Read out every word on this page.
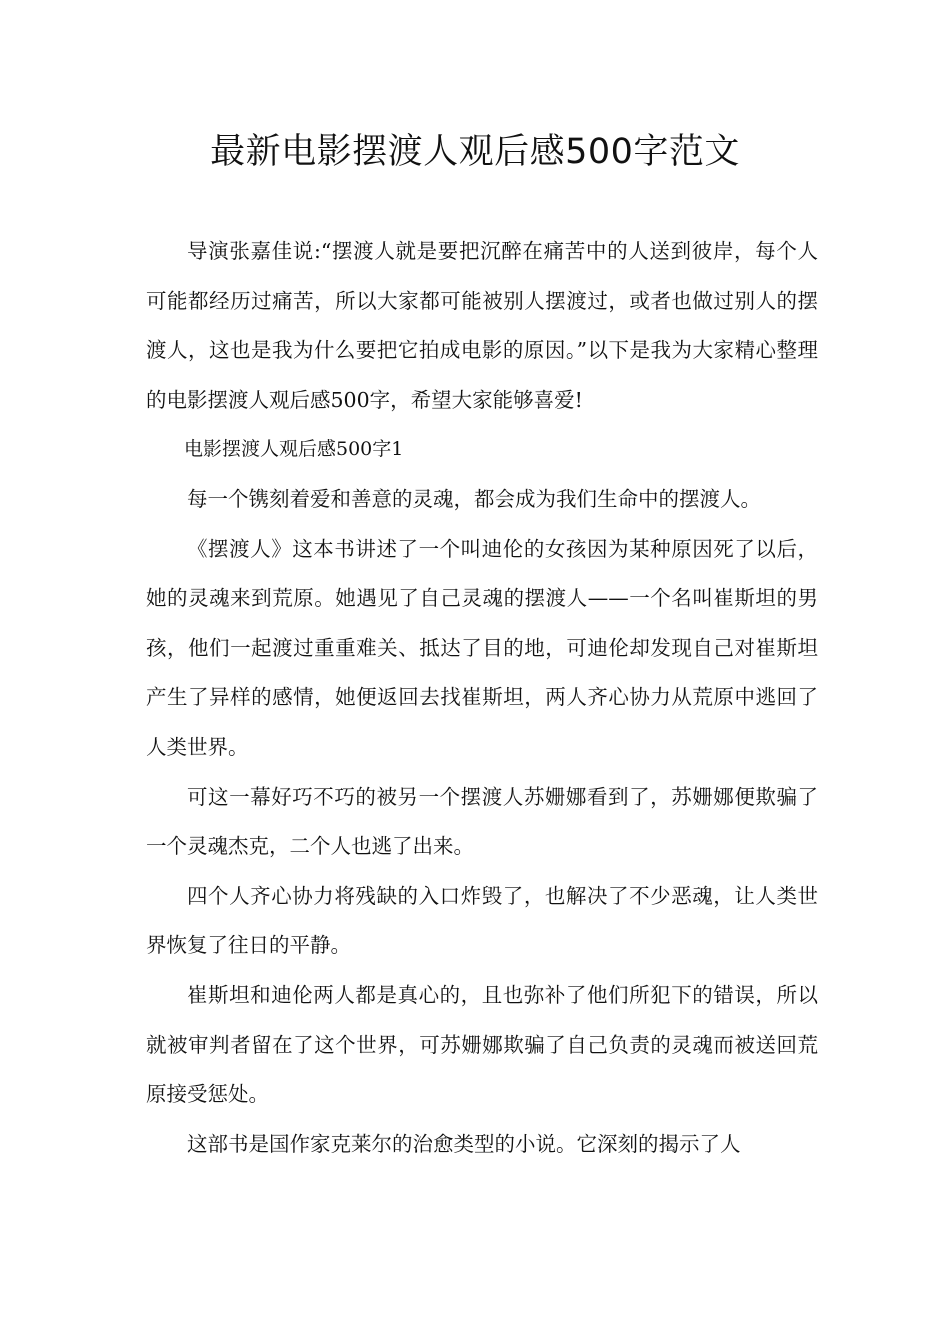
最新电影摆渡人观后感500字范文

导演张嘉佳说:“摆渡人就是要把沉醉在痛苦中的人送到彼岸，每个人可能都经历过痛苦，所以大家都可能被别人摆渡过，或者也做过别人的摆渡人，这也是我为什么要把它拍成电影的原因。”以下是我为大家精心整理的电影摆渡人观后感500字，希望大家能够喜爱!

电影摆渡人观后感500字1

每一个镌刻着爱和善意的灵魂，都会成为我们生命中的摆渡人。

《摆渡人》这本书讲述了一个叫迪伦的女孩因为某种原因死了以后，她的灵魂来到荒原。她遇见了自己灵魂的摆渡人——一个名叫崔斯坦的男孩，他们一起渡过重重难关、抵达了目的地，可迪伦却发现自己对崔斯坦产生了异样的感情，她便返回去找崔斯坦，两人齐心协力从荒原中逃回了人类世界。

可这一幕好巧不巧的被另一个摆渡人苏姗娜看到了，苏姗娜便欺骗了一个灵魂杰克，二个人也逃了出来。

四个人齐心协力将残缺的入口炸毁了，也解决了不少恶魂，让人类世界恢复了往日的平静。

崔斯坦和迪伦两人都是真心的，且也弥补了他们所犯下的错误，所以就被审判者留在了这个世界，可苏姗娜欺骗了自己负责的灵魂而被送回荒原接受惩处。

这部书是国作家克莱尔的治愈类型的小说。它深刻的揭示了人
